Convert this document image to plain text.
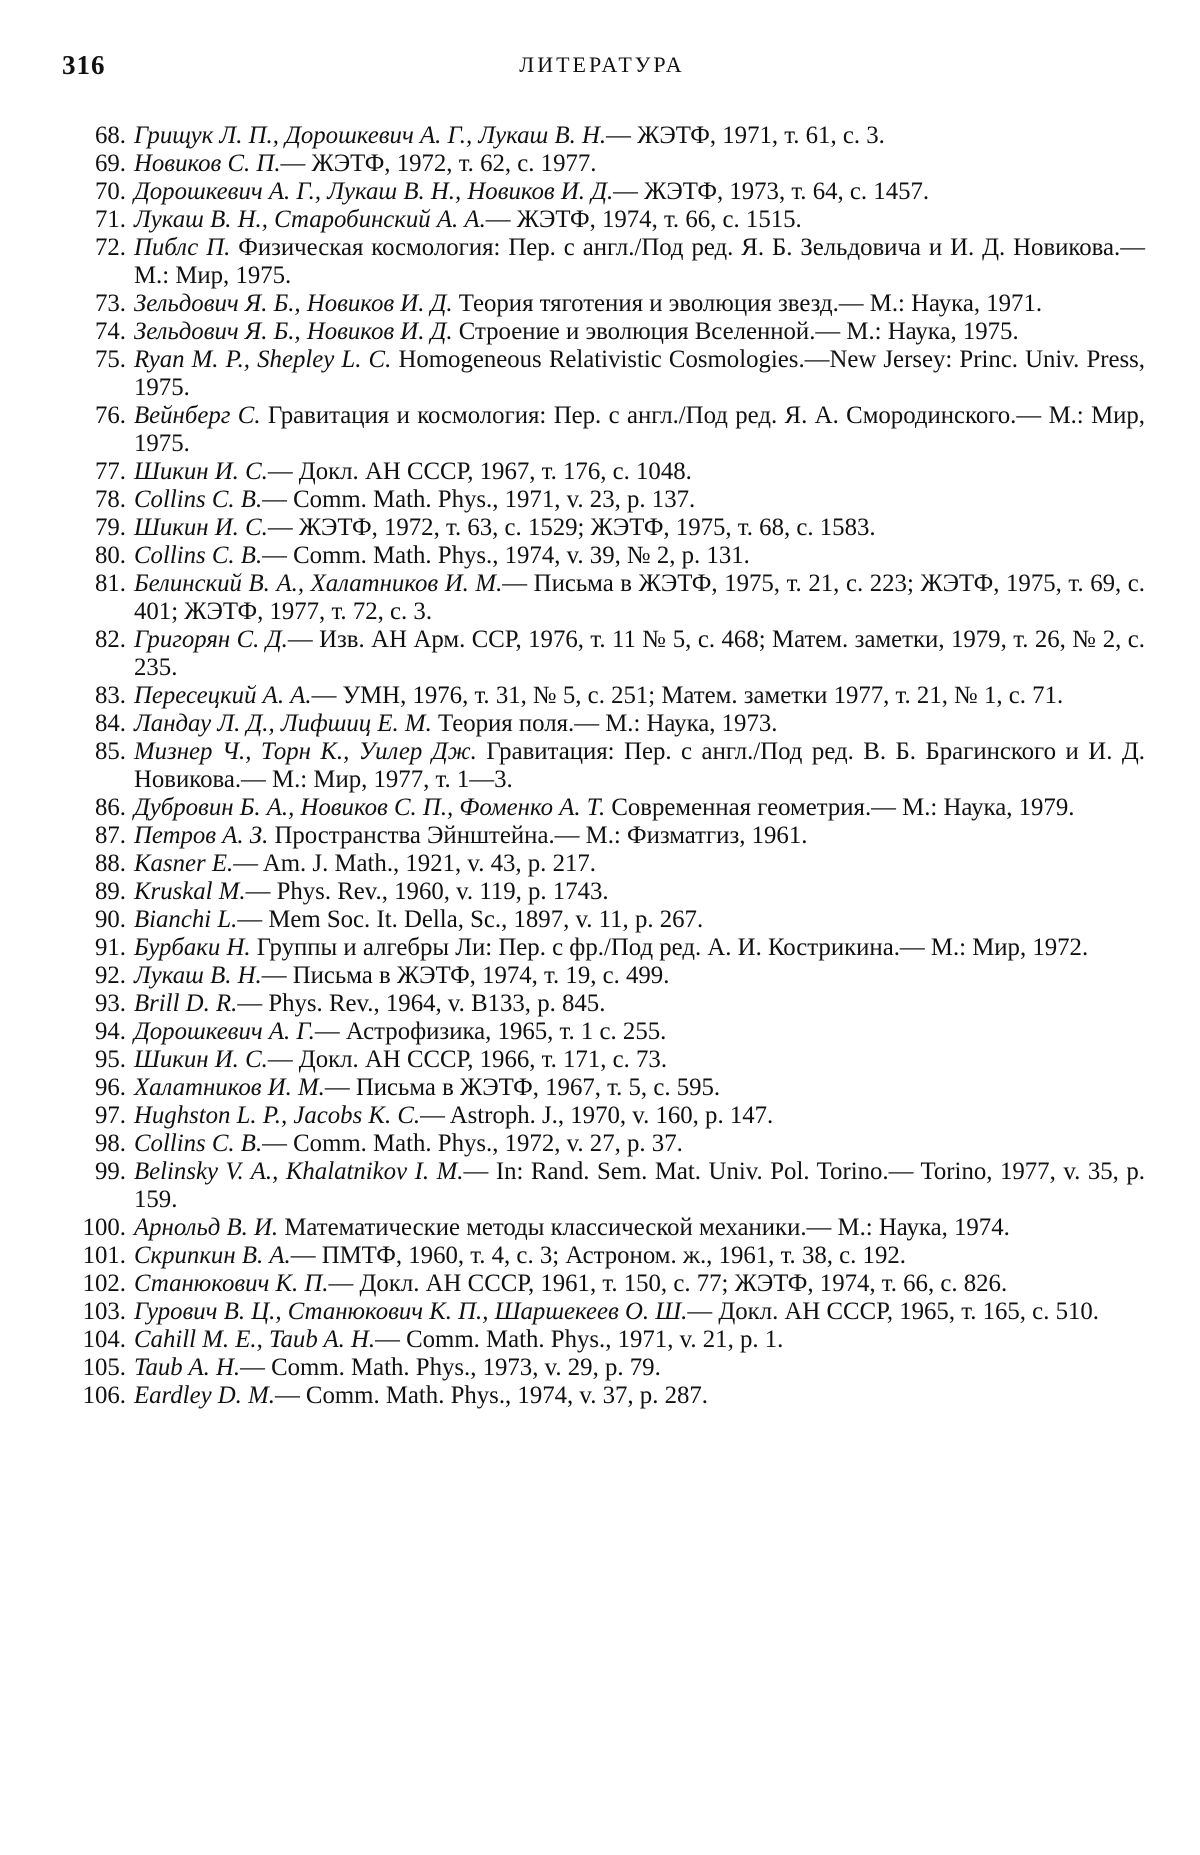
316	ЛИТЕРАТУРА
68. Грищук Л. П., Дорошкевич А. Г., Лукаш В. Н.— ЖЭТФ, 1971, т. 61, с. 3.
69. Новиков С. П.— ЖЭТФ, 1972, т. 62, с. 1977.
70. Дорошкевич А. Г., Лукаш В. Н., Новиков И. Д.— ЖЭТФ, 1973, т. 64, с. 1457.
71. Лукаш В. Н., Старобинский А. А.— ЖЭТФ, 1974, т. 66, с. 1515.
72. Пиблс П. Физическая космология: Пер. с англ./Под ред. Я. Б. Зельдовича и И. Д. Новикова.— М.: Мир, 1975.
73. Зельдович Я. Б., Новиков И. Д. Теория тяготения и эволюция звезд.— М.: Наука, 1971.
74. Зельдович Я. Б., Новиков И. Д. Строение и эволюция Вселенной.— М.: Наука, 1975.
75. Ryan M. P., Shepley L. C. Homogeneous Relativistic Cosmologies.—New Jersey: Princ. Univ. Press, 1975.
76. Вейнберг С. Гравитация и космология: Пер. с англ./Под ред. Я. А. Смородинского.— М.: Мир, 1975.
77. Шикин И. С.— Докл. АН СССР, 1967, т. 176, с. 1048.
78. Collins C. B.— Comm. Math. Phys., 1971, v. 23, p. 137.
79. Шикин И. С.— ЖЭТФ, 1972, т. 63, с. 1529; ЖЭТФ, 1975, т. 68, с. 1583.
80. Collins C. B.— Comm. Math. Phys., 1974, v. 39, № 2, p. 131.
81. Белинский В. А., Халатников И. М.— Письма в ЖЭТФ, 1975, т. 21, с. 223; ЖЭТФ, 1975, т. 69, с. 401; ЖЭТФ, 1977, т. 72, с. 3.
82. Григорян С. Д.— Изв. АН Арм. ССР, 1976, т. 11 № 5, с. 468; Матем. заметки, 1979, т. 26, № 2, с. 235.
83. Пересецкий А. А.— УМН, 1976, т. 31, № 5, с. 251; Матем. заметки 1977, т. 21, № 1, с. 71.
84. Ландау Л. Д., Лифшиц Е. М. Теория поля.— М.: Наука, 1973.
85. Мизнер Ч., Торн К., Уилер Дж. Гравитация: Пер. с англ./Под ред. В. Б. Брагинского и И. Д. Новикова.— М.: Мир, 1977, т. 1—3.
86. Дубровин Б. А., Новиков С. П., Фоменко А. Т. Современная геометрия.— М.: Наука, 1979.
87. Петров А. З. Пространства Эйнштейна.— М.: Физматгиз, 1961.
88. Kasner E.— Am. J. Math., 1921, v. 43, p. 217.
89. Kruskal M.— Phys. Rev., 1960, v. 119, p. 1743.
90. Bianchi L.— Mem Soc. It. Della, Sc., 1897, v. 11, p. 267.
91. Бурбаки Н. Группы и алгебры Ли: Пер. с фр./Под ред. А. И. Кострикина.— М.: Мир, 1972.
92. Лукаш В. Н.— Письма в ЖЭТФ, 1974, т. 19, с. 499.
93. Brill D. R.— Phys. Rev., 1964, v. B133, p. 845.
94. Дорошкевич А. Г.— Астрофизика, 1965, т. 1 с. 255.
95. Шикин И. С.— Докл. АН СССР, 1966, т. 171, с. 73.
96. Халатников И. М.— Письма в ЖЭТФ, 1967, т. 5, с. 595.
97. Hughston L. P., Jacobs K. C.— Astroph. J., 1970, v. 160, p. 147.
98. Collins C. B.— Comm. Math. Phys., 1972, v. 27, p. 37.
99. Belinsky V. A., Khalatnikov I. M.— In: Rand. Sem. Mat. Univ. Pol. Torino.— Torino, 1977, v. 35, p. 159.
100. Арнольд В. И. Математические методы классической механики.— М.: Наука, 1974.
101. Скрипкин В. А.— ПМТФ, 1960, т. 4, с. 3; Астроном. ж., 1961, т. 38, с. 192.
102. Станюкович К. П.— Докл. АН СССР, 1961, т. 150, с. 77; ЖЭТФ, 1974, т. 66, с. 826.
103. Гурович В. Ц., Станюкович К. П., Шаршекеев О. Ш.— Докл. АН СССР, 1965, т. 165, с. 510.
104. Cahill M. E., Taub A. H.— Comm. Math. Phys., 1971, v. 21, p. 1.
105. Taub A. H.— Comm. Math. Phys., 1973, v. 29, p. 79.
106. Eardley D. M.— Comm. Math. Phys., 1974, v. 37, p. 287.
